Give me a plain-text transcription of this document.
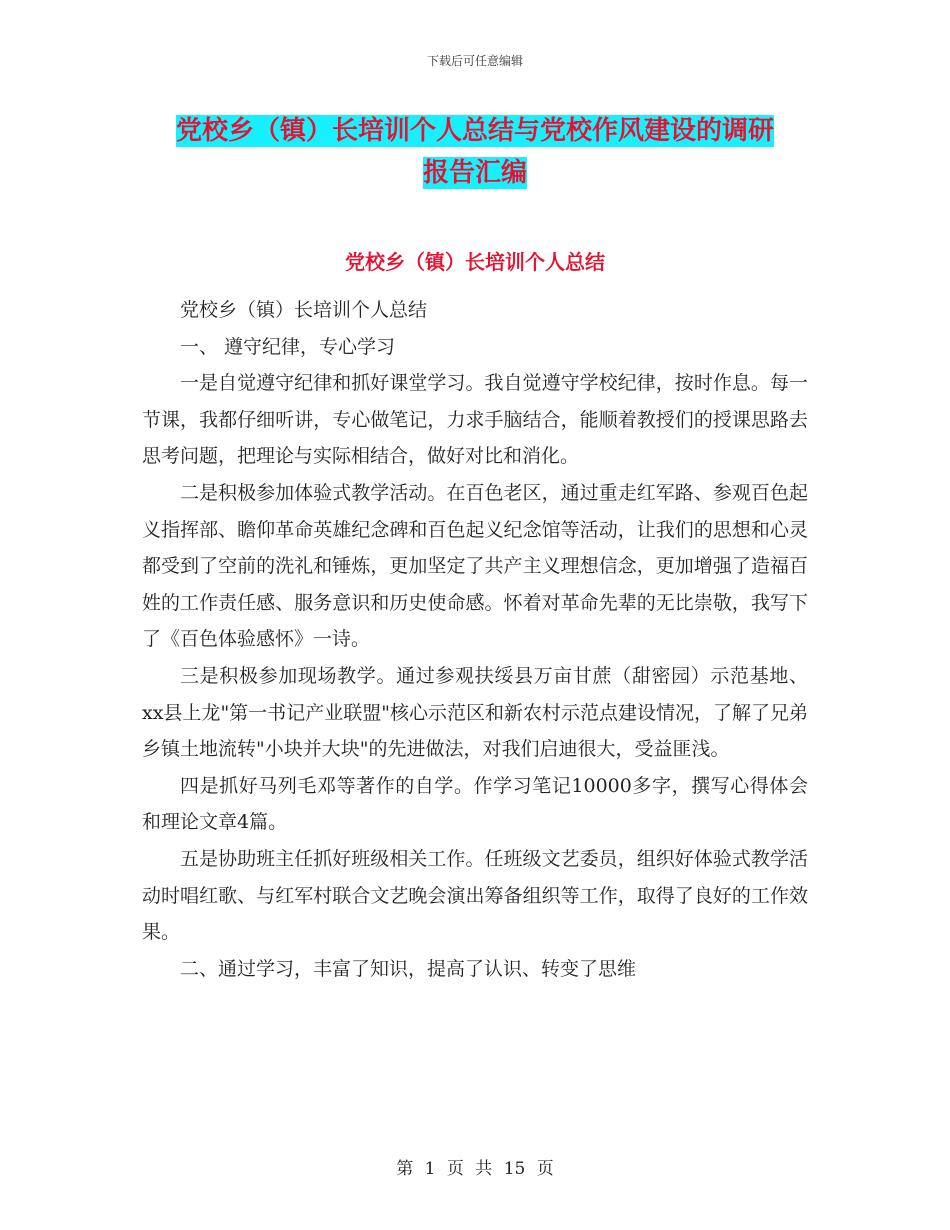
下载后可任意编辑
党校乡（镇）长培训个人总结与党校作风建设的调研
报告汇编
党校乡（镇）长培训个人总结

党校乡（镇）长培训个人总结

一、 遵守纪律，专心学习

一是自觉遵守纪律和抓好课堂学习。我自觉遵守学校纪律，按时作息。每一节课，我都仔细听讲，专心做笔记，力求手脑结合，能顺着教授们的授课思路去思考问题，把理论与实际相结合，做好对比和消化。

二是积极参加体验式教学活动。在百色老区，通过重走红军路、参观百色起义指挥部、瞻仰革命英雄纪念碑和百色起义纪念馆等活动，让我们的思想和心灵都受到了空前的洗礼和锤炼，更加坚定了共产主义理想信念，更加增强了造福百姓的工作责任感、服务意识和历史使命感。怀着对革命先辈的无比崇敬，我写下了《百色体验感怀》一诗。

三是积极参加现场教学。通过参观扶绥县万亩甘蔗（甜密园）示范基地、xx县上龙"第一书记产业联盟"核心示范区和新农村示范点建设情况，了解了兄弟乡镇土地流转"小块并大块"的先进做法，对我们启迪很大，受益匪浅。

四是抓好马列毛邓等著作的自学。作学习笔记10000多字，撰写心得体会和理论文章4篇。

五是协助班主任抓好班级相关工作。任班级文艺委员，组织好体验式教学活动时唱红歌、与红军村联合文艺晚会演出筹备组织等工作，取得了良好的工作效果。

二、通过学习，丰富了知识，提高了认识、转变了思维

第 1 页 共 15 页
